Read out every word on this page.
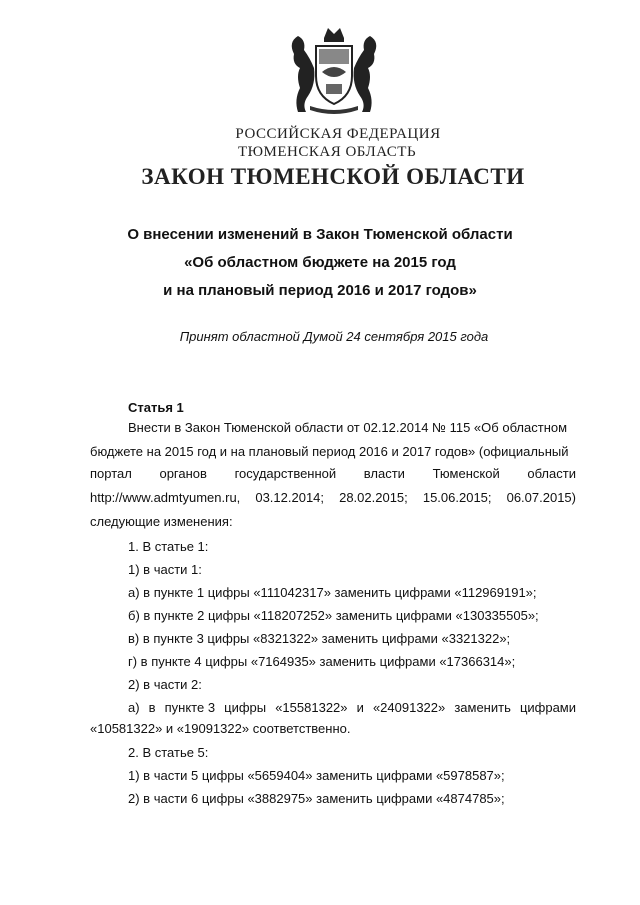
РОССИЙСКАЯ ФЕДЕРАЦИЯ
ТЮМЕНСКАЯ ОБЛАСТЬ
ЗАКОН ТЮМЕНСКОЙ ОБЛАСТИ
О внесении изменений в Закон Тюменской области
«Об областном бюджете на 2015 год
и на плановый период 2016 и 2017 годов»
Принят областной Думой 24 сентября 2015 года
Статья 1
Внести в Закон Тюменской области от 02.12.2014 № 115 «Об областном
бюджете на 2015 год и на плановый период 2016 и 2017 годов» (официальный
портал органов государственной власти Тюменской области
http://www.admtyumen.ru, 03.12.2014; 28.02.2015; 15.06.2015; 06.07.2015)
следующие изменения:
1. В статье 1:
1) в части 1:
а) в пункте 1 цифры «111042317» заменить цифрами «112969191»;
б) в пункте 2 цифры «118207252» заменить цифрами «130335505»;
в) в пункте 3 цифры «8321322» заменить цифрами «3321322»;
г) в пункте 4 цифры «7164935» заменить цифрами «17366314»;
2) в части 2:
а) в пункте 3 цифры «15581322» и «24091322» заменить цифрами
«10581322» и «19091322» соответственно.
2. В статье 5:
1) в части 5 цифры «5659404» заменить цифрами «5978587»;
2) в части 6 цифры «3882975» заменить цифрами «4874785»;
